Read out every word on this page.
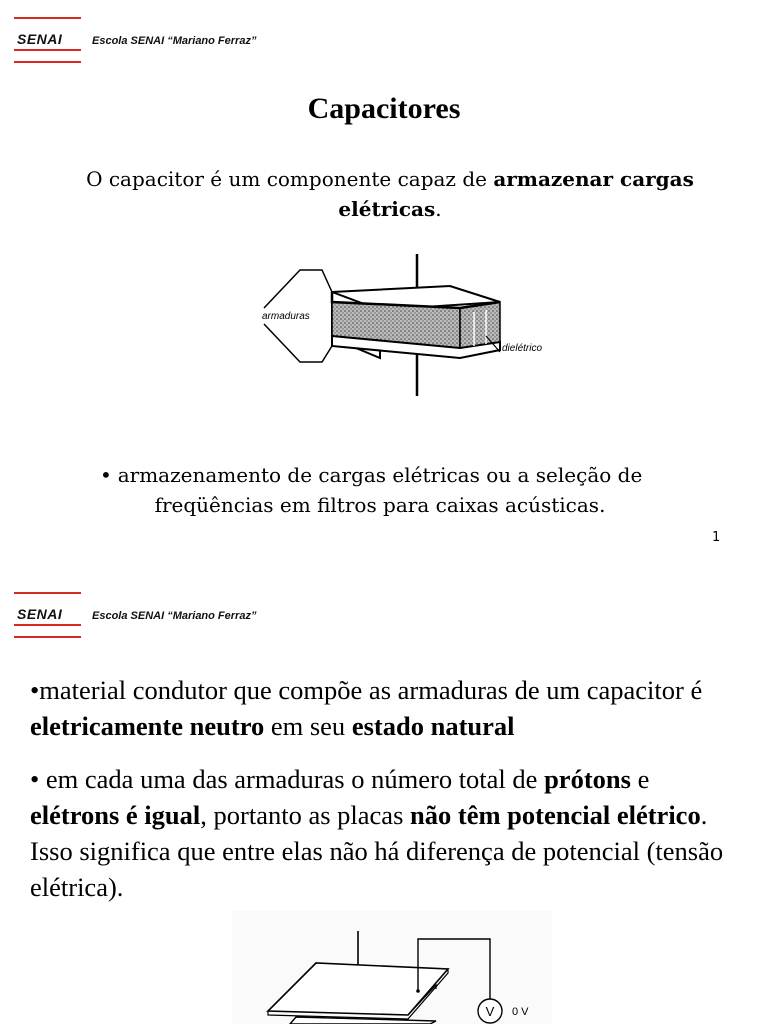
SENAI	Escola SENAI “Mariano Ferraz”
Capacitores
O capacitor é um componente capaz de armazenar cargas elétricas.
armaduras
dielétrico
• armazenamento de cargas elétricas ou a seleção de freqüências em filtros para caixas acústicas.
1
SENAI	Escola SENAI “Mariano Ferraz”
•material condutor que compõe as armaduras de um capacitor é eletricamente neutro em seu estado natural
• em cada uma das armaduras o número total de prótons e elétrons é igual, portanto as placas não têm potencial elétrico. Isso significa que entre elas não há diferença de potencial (tensão elétrica).
V 0 V
